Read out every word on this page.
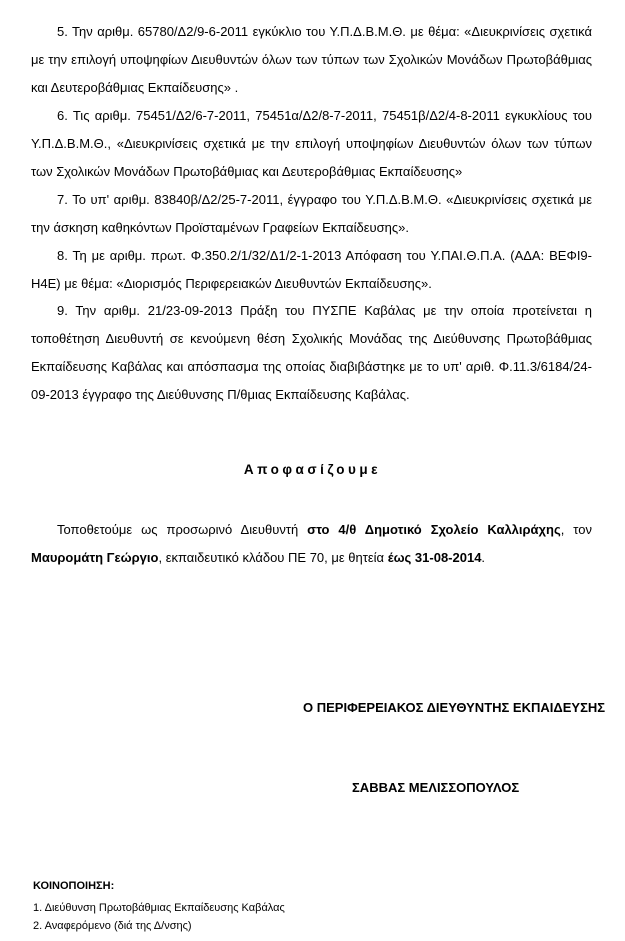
5. Την αριθμ. 65780/Δ2/9-6-2011 εγκύκλιο του Υ.Π.Δ.Β.Μ.Θ. με θέμα: «Διευκρινίσεις σχετικά με την επιλογή υποψηφίων Διευθυντών όλων των τύπων των Σχολικών Μονάδων Πρωτοβάθμιας και Δευτεροβάθμιας Εκπαίδευσης» .

6. Τις αριθμ. 75451/Δ2/6-7-2011, 75451α/Δ2/8-7-2011, 75451β/Δ2/4-8-2011 εγκυκλίους του Υ.Π.Δ.Β.Μ.Θ., «Διευκρινίσεις σχετικά με την επιλογή υποψηφίων Διευθυντών όλων των τύπων των Σχολικών Μονάδων Πρωτοβάθμιας και Δευτεροβάθμιας Εκπαίδευσης»

7. Το υπ' αριθμ. 83840β/Δ2/25-7-2011, έγγραφο του Υ.Π.Δ.Β.Μ.Θ. «Διευκρινίσεις σχετικά με την άσκηση καθηκόντων Προϊσταμένων Γραφείων Εκπαίδευσης».

8. Τη με αριθμ. πρωτ. Φ.350.2/1/32/Δ1/2-1-2013 Απόφαση του Υ.ΠΑΙ.Θ.Π.Α. (ΑΔΑ: ΒΕΦΙ9-Η4Ε) με θέμα: «Διορισμός Περιφερειακών Διευθυντών Εκπαίδευσης».

9. Την αριθμ. 21/23-09-2013 Πράξη του ΠΥΣΠΕ Καβάλας με την οποία προτείνεται η τοποθέτηση Διευθυντή σε κενούμενη θέση Σχολικής Μονάδας της Διεύθυνσης Πρωτοβάθμιας Εκπαίδευσης Καβάλας και απόσπασμα της οποίας διαβιβάστηκε με το υπ' αριθ. Φ.11.3/6184/24-09-2013 έγγραφο της Διεύθυνσης Π/θμιας Εκπαίδευσης Καβάλας.

Αποφασίζουμε

Τοποθετούμε ως προσωρινό Διευθυντή στο 4/θ Δημοτικό Σχολείο Καλλιράχης, τον Μαυρομάτη Γεώργιο, εκπαιδευτικό κλάδου ΠΕ 70, με θητεία έως 31-08-2014.

Ο ΠΕΡΙΦΕΡΕΙΑΚΟΣ ΔΙΕΥΘΥΝΤΗΣ ΕΚΠΑΙΔΕΥΣΗΣ
ΣΑΒΒΑΣ ΜΕΛΙΣΣΟΠΟΥΛΟΣ
ΚΟΙΝΟΠΟΙΗΣΗ:
1. Διεύθυνση Πρωτοβάθμιας Εκπαίδευσης Καβάλας
2. Αναφερόμενο (διά της Δ/νσης)
